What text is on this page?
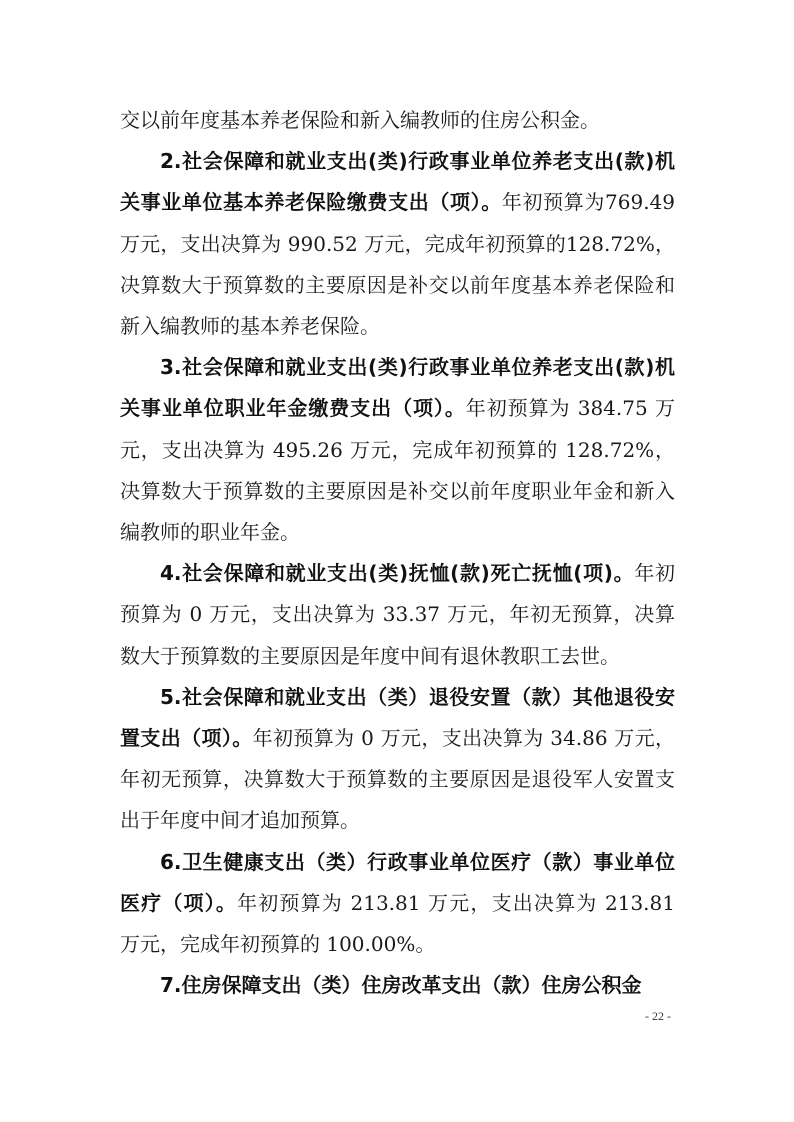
交以前年度基本养老保险和新入编教师的住房公积金。

2.社会保障和就业支出(类)行政事业单位养老支出(款)机关事业单位基本养老保险缴费支出（项）。年初预算为769.49 万元，支出决算为 990.52 万元，完成年初预算的128.72%，决算数大于预算数的主要原因是补交以前年度基本养老保险和新入编教师的基本养老保险。

3.社会保障和就业支出(类)行政事业单位养老支出(款)机关事业单位职业年金缴费支出（项）。年初预算为 384.75 万元，支出决算为 495.26 万元，完成年初预算的 128.72%，决算数大于预算数的主要原因是补交以前年度职业年金和新入编教师的职业年金。

4.社会保障和就业支出(类)抚恤(款)死亡抚恤(项)。年初预算为 0 万元，支出决算为 33.37 万元，年初无预算，决算数大于预算数的主要原因是年度中间有退休教职工去世。

5.社会保障和就业支出（类）退役安置（款）其他退役安置支出（项）。年初预算为 0 万元，支出决算为 34.86 万元，年初无预算，决算数大于预算数的主要原因是退役军人安置支出于年度中间才追加预算。

6.卫生健康支出（类）行政事业单位医疗（款）事业单位医疗（项）。年初预算为 213.81 万元，支出决算为 213.81 万元，完成年初预算的 100.00%。

7.住房保障支出（类）住房改革支出（款）住房公积金

- 22 -
